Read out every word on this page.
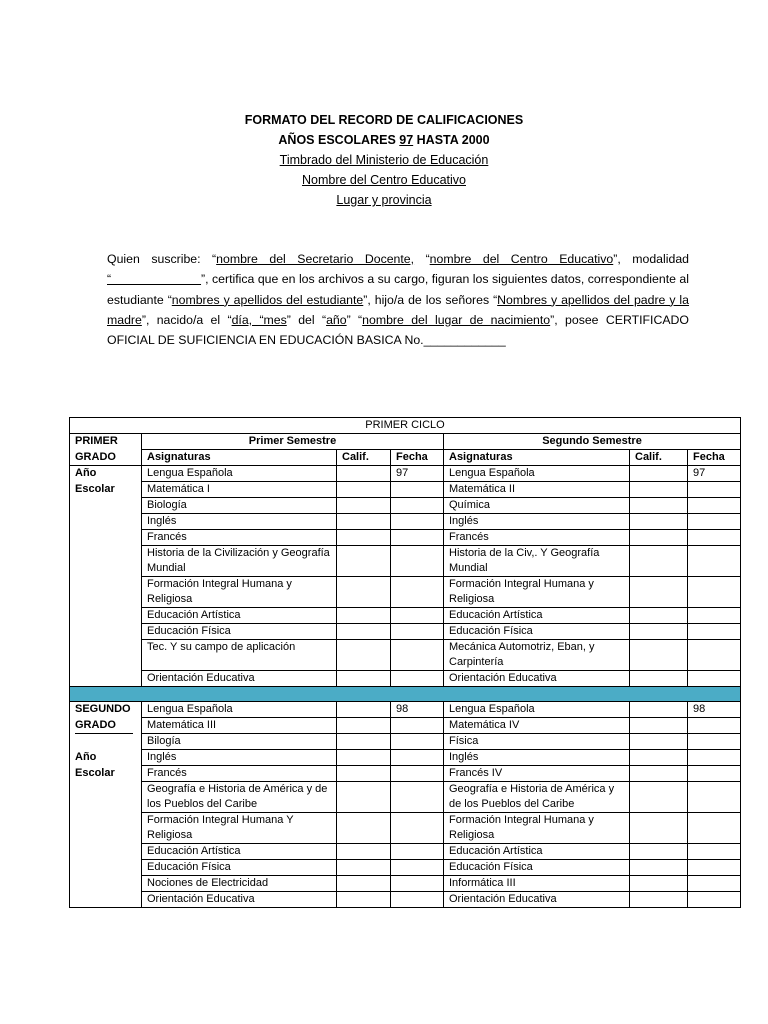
FORMATO DEL RECORD DE CALIFICACIONES
AÑOS ESCOLARES 97 HASTA 2000
Timbrado del Ministerio de Educación
Nombre del Centro Educativo
Lugar y provincia
Quien suscribe: “nombre del Secretario Docente, “nombre del Centro Educativo”, modalidad “                          ”, certifica que en los archivos a su cargo, figuran los siguientes datos, correspondiente al estudiante “nombres y apellidos del estudiante”, hijo/a de los señores “Nombres y apellidos del padre y la madre”, nacido/a el “día, “mes” del “año” “nombre del lugar de nacimiento”, posee CERTIFICADO OFICIAL DE SUFICIENCIA EN EDUCACIÓN BASICA No.____________
PRIMER CICLO						
PRIMER	Primer Semestre			Segundo Semestre		
GRADO	Asignaturas	Calif.	Fecha	Asignaturas	Calif.	Fecha
Año	Lengua Española		97	Lengua Española		97
Escolar	Matemática I			Matemática II		
	Biología			Química		
	Inglés			Inglés		
	Francés			Francés		
	Historia de la Civilización y Geografía Mundial			Historia de la Civ,. Y Geografía Mundial		
	Formación Integral Humana y Religiosa			Formación Integral Humana y Religiosa		
	Educación Artística			Educación Artística		
	Educación Física			Educación Física		
	Tec. Y su campo de aplicación			Mecánica Automotriz, Eban, y Carpintería		
	Orientación Educativa			Orientación Educativa		

SEGUNDO	Lengua Española		98	Lengua Española		98

GRADO	Matemática III			Matemática IV		
	Bilogía			Física		
Año	Inglés			Inglés		
Escolar	Francés			Francés IV		
	Geografía e Historia de América y de los Pueblos del Caribe			Geografía e Historia de América y de los Pueblos del Caribe		
	Formación Integral Humana Y Religiosa			Formación Integral Humana y Religiosa		
	Educación Artística			Educación Artística		
	Educación Física			Educación Física		
	Nociones de Electricidad			Informática III		
	Orientación Educativa			Orientación Educativa		
